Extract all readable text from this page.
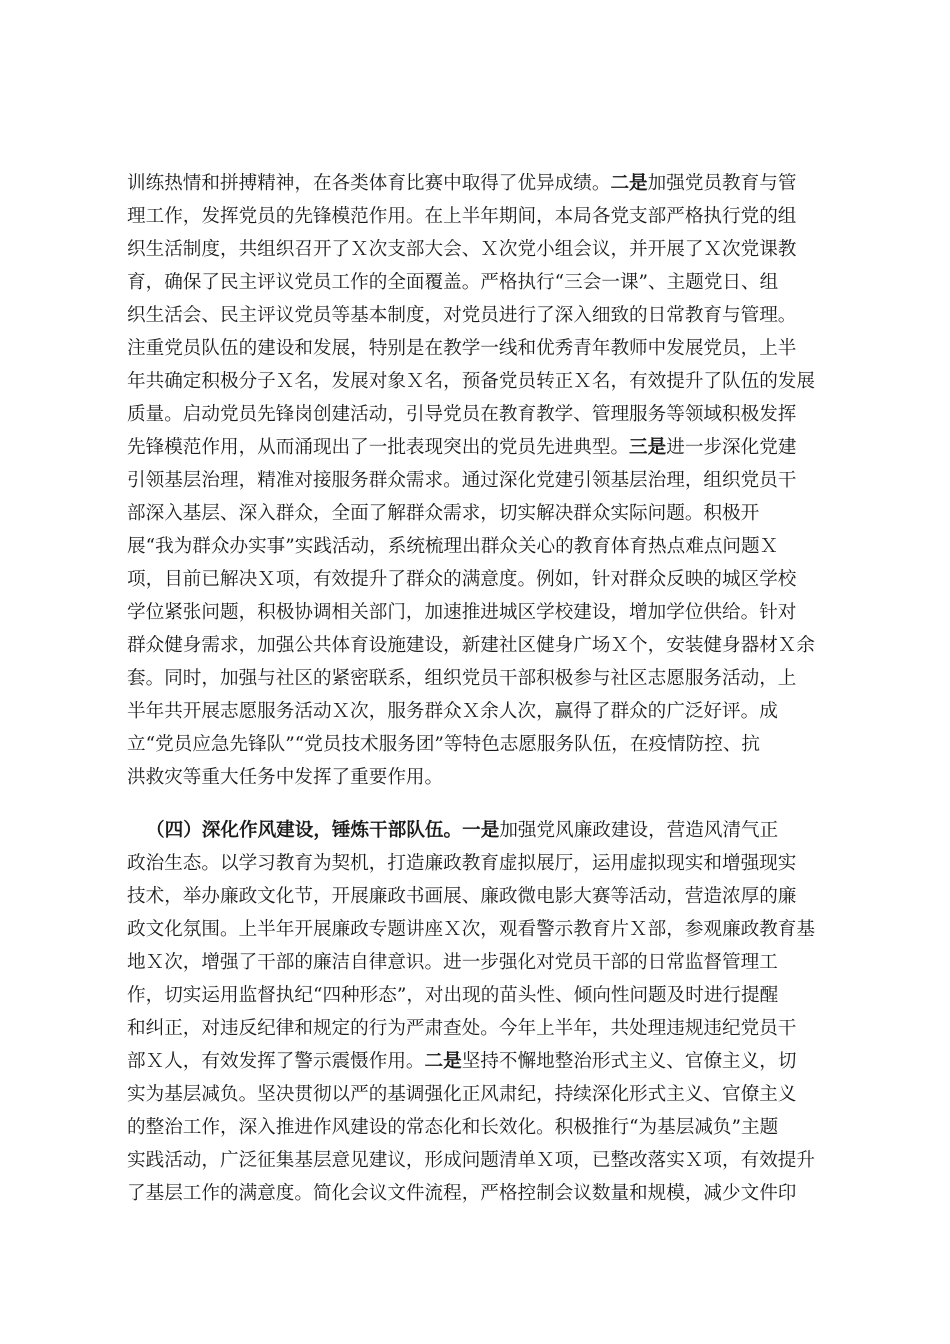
训练热情和拼搏精神，在各类体育比赛中取得了优异成绩。二是加强党员教育与管

理工作，发挥党员的先锋模范作用。在上半年期间，本局各党支部严格执行党的组

织生活制度，共组织召开了Ｘ次支部大会、Ｘ次党小组会议，并开展了Ｘ次党课教

育，确保了民主评议党员工作的全面覆盖。严格执行“三会一课”、主题党日、组

织生活会、民主评议党员等基本制度，对党员进行了深入细致的日常教育与管理。

注重党员队伍的建设和发展，特别是在教学一线和优秀青年教师中发展党员，上半

年共确定积极分子Ｘ名，发展对象Ｘ名，预备党员转正Ｘ名，有效提升了队伍的发展

质量。启动党员先锋岗创建活动，引导党员在教育教学、管理服务等领域积极发挥

先锋模范作用，从而涌现出了一批表现突出的党员先进典型。三是进一步深化党建

引领基层治理，精准对接服务群众需求。通过深化党建引领基层治理，组织党员干

部深入基层、深入群众，全面了解群众需求，切实解决群众实际问题。积极开

展“我为群众办实事”实践活动，系统梳理出群众关心的教育体育热点难点问题Ｘ

项，目前已解决Ｘ项，有效提升了群众的满意度。例如，针对群众反映的城区学校

学位紧张问题，积极协调相关部门，加速推进城区学校建设，增加学位供给。针对

群众健身需求，加强公共体育设施建设，新建社区健身广场Ｘ个，安装健身器材Ｘ余

套。同时，加强与社区的紧密联系，组织党员干部积极参与社区志愿服务活动，上

半年共开展志愿服务活动Ｘ次，服务群众Ｘ余人次，赢得了群众的广泛好评。成

立“党员应急先锋队”“党员技术服务团”等特色志愿服务队伍，在疫情防控、抗

洪救灾等重大任务中发挥了重要作用。

（四）深化作风建设，锤炼干部队伍。一是加强党风廉政建设，营造风清气正

政治生态。以学习教育为契机，打造廉政教育虚拟展厅，运用虚拟现实和增强现实

技术，举办廉政文化节，开展廉政书画展、廉政微电影大赛等活动，营造浓厚的廉

政文化氛围。上半年开展廉政专题讲座Ｘ次，观看警示教育片Ｘ部，参观廉政教育基

地Ｘ次，增强了干部的廉洁自律意识。进一步强化对党员干部的日常监督管理工

作，切实运用监督执纪“四种形态”，对出现的苗头性、倾向性问题及时进行提醒

和纠正，对违反纪律和规定的行为严肃查处。今年上半年，共处理违规违纪党员干

部Ｘ人，有效发挥了警示震慑作用。二是坚持不懈地整治形式主义、官僚主义，切

实为基层减负。坚决贯彻以严的基调强化正风肃纪，持续深化形式主义、官僚主义

的整治工作，深入推进作风建设的常态化和长效化。积极推行“为基层减负”主题

实践活动，广泛征集基层意见建议，形成问题清单Ｘ项，已整改落实Ｘ项，有效提升

了基层工作的满意度。简化会议文件流程，严格控制会议数量和规模，减少文件印
